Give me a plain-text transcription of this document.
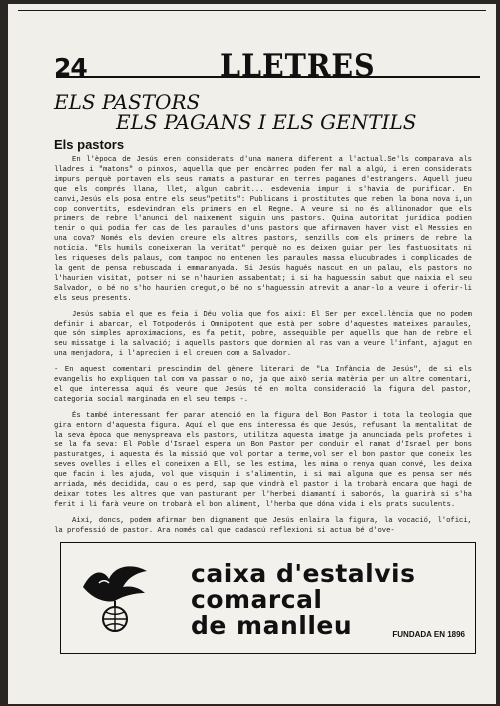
24	LLETRES
ELS PASTORS
ELS PAGANS I ELS GENTILS
Els pastors

En l'època de Jesús eren considerats d'una manera diferent a l'actual.Se'ls comparava als lladres i "matons" o pinxos, aquella que per encàrrec poden fer mal a algú, i eren considerats impurs perquè portaven els seus ramats a pasturar en terres paganes d'estrangers. Aquell jueu que els comprés llana, llet, algun cabrit... esdevenia impur i s'havia de purificar. En canvi,Jesús els posa entre els seus"petits": Publicans i prostitutes que reben la bona nova i,un cop convertits, esdevindran els primers en el Regne. A veure si no és allinonador que els primers de rebre l'anunci del naixement siguin uns pastors. Quina autoritat jurídica podien tenir o qui podia fer cas de les paraules d'uns pastors que afirmaven haver vist el Messies en una cova? Només els devien creure els altres pastors, senzills com els primers de rebre la notícia. "Els humils coneixeran la veritat" perquè no es deixen guiar per les fastuositats ni les riqueses dels palaus, com tampoc no entenen les paraules massa elucubrades i complicades de la gent de pensa rebuscada i emmaranyada. Si Jesús hagués nascut en un palau, els pastors no l'haurien visitat, potser ni se n'haurien assabentat; i si ha haguessin sabut que naixia el seu Salvador, o bé no s'ho haurien cregut,o bé no s'haguessin atrevit a anar-lo a veure i oferir-li els seus presents.

Jesús sabia el que es feia i Déu volia que fos així: El Ser per excel.lència que no podem definir i abarcar, el Totpoderós i Omnipotent que està per sobre d'aquestes mateixes paraules, que són simples aproximacions, es fa petit, pobre, assequible per aquells que han de rebre el seu missatge i la salvació; i aquells pastors que dormien al ras van a veure l'infant, ajagut en una menjadora, i l'aprecien i el creuen com a Salvador.

- En aquest comentari prescindim del gènere literari de "La Infància de Jesús", de si els evangelis ho expliquen tal com va passar o no, ja que això seria matèria per un altre comentari, el que interessa aquí és veure que Jesús té en molta consideració la figura del pastor, categoria social marginada en el seu temps -.

És també interessant fer parar atenció en la figura del Bon Pastor i tota la teologia que gira entorn d'aquesta figura. Aquí el que ens interessa és que Jesús, refusant la mentalitat de la seva època que menyspreava els pastors, utilitza aquesta imatge ja anunciada pels profetes i se la fa seva: El Poble d'Israel espera un Bon Pastor per conduir el ramat d'Israel per bons pasturatges, i aquesta és la missió que vol portar a terme,vol ser el bon pastor que coneix les seves ovelles i elles el coneixen a Ell, se les estima, les mima o renya quan convé, les deixa que facin i les ajuda, vol que visquin i s'alimentin, i si mai alguna que es pensa ser més arriada, més decidida, cau o es perd, sap que vindrà el pastor i la trobarà encara que hagi de deixar totes les altres que van pasturant per l'herbei diamantí i saborós, la guarirà si s'ha ferit i li farà veure on trobarà el bon aliment, l'herba que dóna vida i els prats suculents.

Així, doncs, podem afirmar ben dignament que Jesús enlaira la figura, la vocació, l'ofici, la professió de pastor. Ara només cal que cadascú reflexioni si actua bé d'ove-

caixa d'estalvis
comarcal
de manlleu	FUNDADA EN 1896
